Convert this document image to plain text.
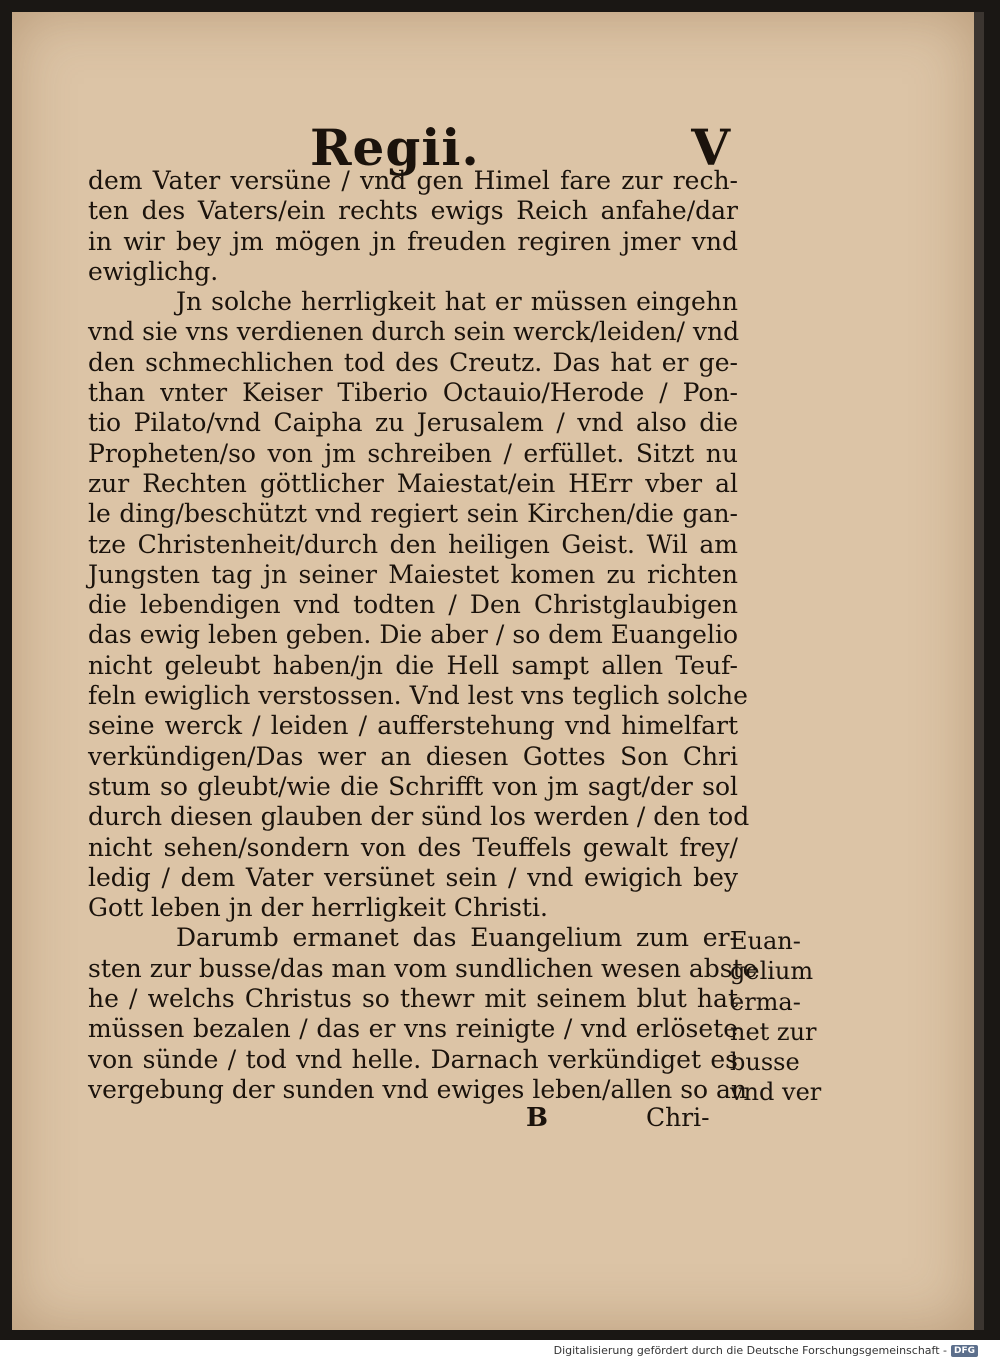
Regii.	V
dem Vater versüne / vnd gen Himel fare zur rech-
ten des Vaters/ein rechts ewigs Reich anfahe/dar
in wir bey jm mögen jn freuden regiren jmer vnd
ewiglichg.
Jn solche herrligkeit hat er müssen eingehn
vnd sie vns verdienen durch sein werck/leiden/ vnd
den schmechlichen tod des Creutz. Das hat er ge-
than vnter Keiser Tiberio Octauio/Herode / Pon-
tio Pilato/vnd Caipha zu Jerusalem / vnd also die
Propheten/so von jm schreiben / erfüllet. Sitzt nu
zur Rechten göttlicher Maiestat/ein HErr vber al
le ding/beschützt vnd regiert sein Kirchen/die gan-
tze Christenheit/durch den heiligen Geist. Wil am
Jungsten tag jn seiner Maiestet komen zu richten
die lebendigen vnd todten / Den Christglaubigen
das ewig leben geben. Die aber / so dem Euangelio
nicht geleubt haben/jn die Hell sampt allen Teuf-
feln ewiglich verstossen. Vnd lest vns teglich solche
seine werck / leiden / aufferstehung vnd himelfart
verkündigen/Das wer an diesen Gottes Son Chri
stum so gleubt/wie die Schrifft von jm sagt/der sol
durch diesen glauben der sünd los werden / den tod
nicht sehen/sondern von des Teuffels gewalt frey/
ledig / dem Vater versünet sein / vnd ewigich bey
Gott leben jn der herrligkeit Christi.
Darumb ermanet das Euangelium zum er-
sten zur busse/das man vom sundlichen wesen abste
he / welchs Christus so thewr mit seinem blut hat
müssen bezalen / das er vns reinigte / vnd erlösete
von sünde / tod vnd helle. Darnach verkündiget es
vergebung der sunden vnd ewiges leben/allen so an
Euan-
gelium
erma-
net zur
busse
vnd ver
B	Chri-
Digitalisierung gefördert durch die Deutsche Forschungsgemeinschaft - DFG
